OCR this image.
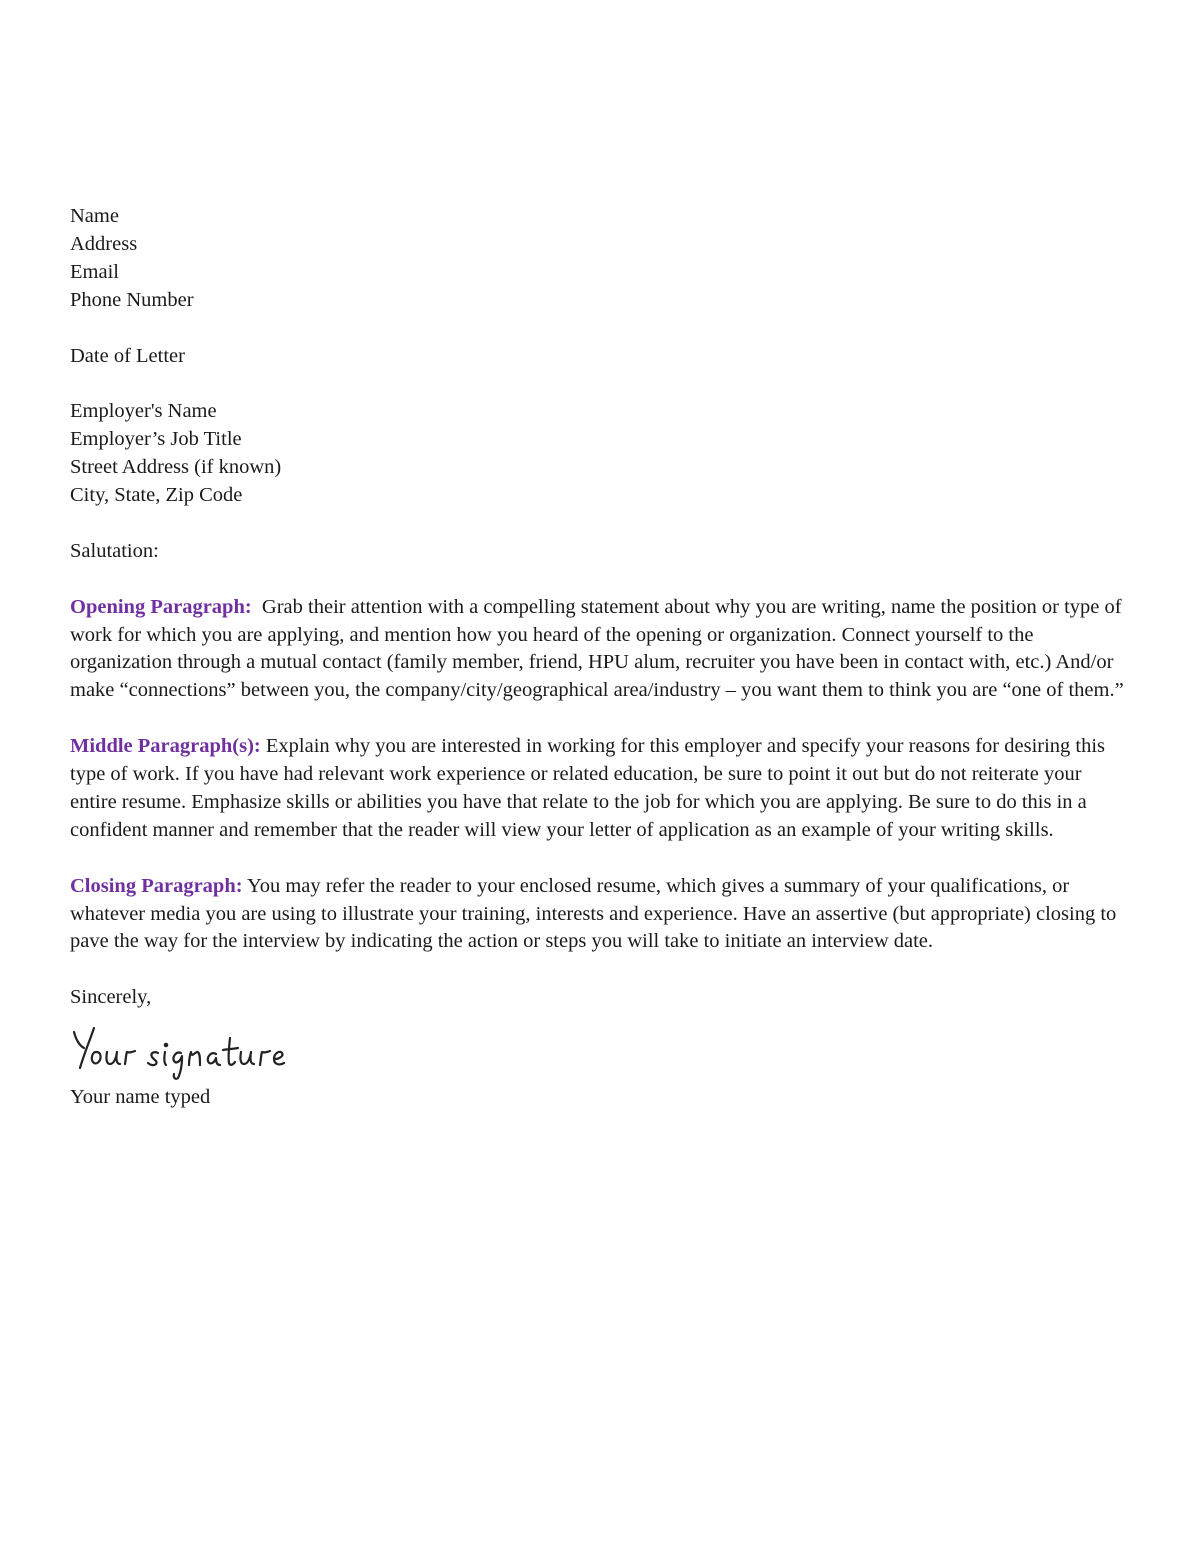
Name
Address
Email
Phone Number
Date of Letter
Employer's Name
Employer’s Job Title
Street Address (if known)
City, State, Zip Code
Salutation:

Opening Paragraph: Grab their attention with a compelling statement about why you are writing, name the position or type of work for which you are applying, and mention how you heard of the opening or organization. Connect yourself to the organization through a mutual contact (family member, friend, HPU alum, recruiter you have been in contact with, etc.) And/or make “connections” between you, the company/city/geographical area/industry – you want them to think you are “one of them.”

Middle Paragraph(s): Explain why you are interested in working for this employer and specify your reasons for desiring this type of work. If you have had relevant work experience or related education, be sure to point it out but do not reiterate your entire resume. Emphasize skills or abilities you have that relate to the job for which you are applying. Be sure to do this in a confident manner and remember that the reader will view your letter of application as an example of your writing skills.

Closing Paragraph: You may refer the reader to your enclosed resume, which gives a summary of your qualifications, or whatever media you are using to illustrate your training, interests and experience. Have an assertive (but appropriate) closing to pave the way for the interview by indicating the action or steps you will take to initiate an interview date.

Sincerely,
Your name typed
